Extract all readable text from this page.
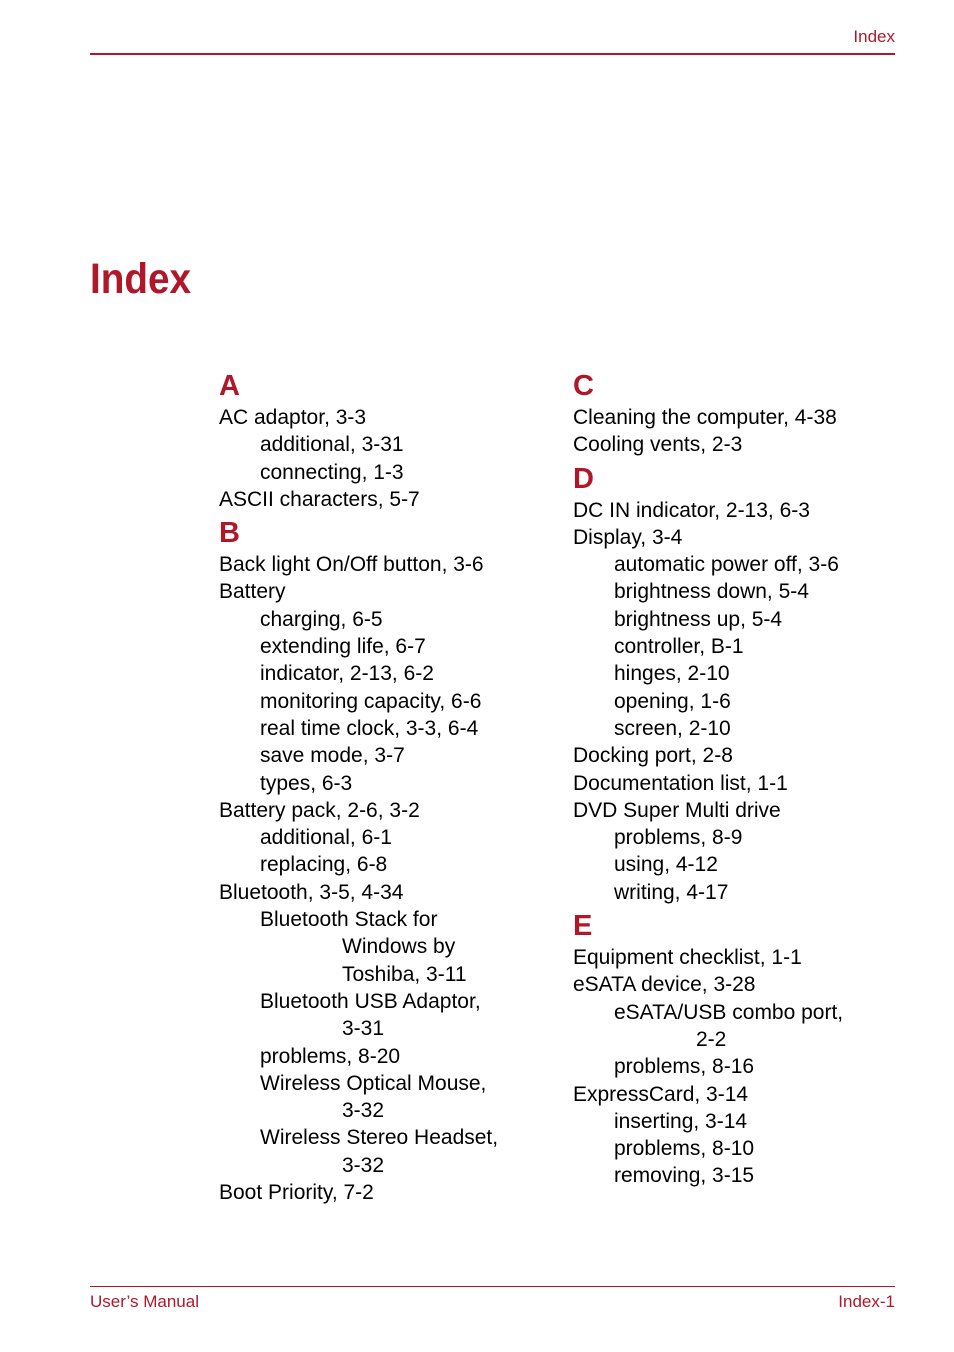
Index
Index
A
AC adaptor, 3-3
additional, 3-31
connecting, 1-3
ASCII characters, 5-7
B
Back light On/Off button, 3-6
Battery
charging, 6-5
extending life, 6-7
indicator, 2-13, 6-2
monitoring capacity, 6-6
real time clock, 3-3, 6-4
save mode, 3-7
types, 6-3
Battery pack, 2-6, 3-2
additional, 6-1
replacing, 6-8
Bluetooth, 3-5, 4-34
Bluetooth Stack for
Windows by
Toshiba, 3-11
Bluetooth USB Adaptor,
3-31
problems, 8-20
Wireless Optical Mouse,
3-32
Wireless Stereo Headset,
3-32
Boot Priority, 7-2
C
Cleaning the computer, 4-38
Cooling vents, 2-3
D
DC IN indicator, 2-13, 6-3
Display, 3-4
automatic power off, 3-6
brightness down, 5-4
brightness up, 5-4
controller, B-1
hinges, 2-10
opening, 1-6
screen, 2-10
Docking port, 2-8
Documentation list, 1-1
DVD Super Multi drive
problems, 8-9
using, 4-12
writing, 4-17
E
Equipment checklist, 1-1
eSATA device, 3-28
eSATA/USB combo port,
2-2
problems, 8-16
ExpressCard, 3-14
inserting, 3-14
problems, 8-10
removing, 3-15
User’s Manual	Index-1
